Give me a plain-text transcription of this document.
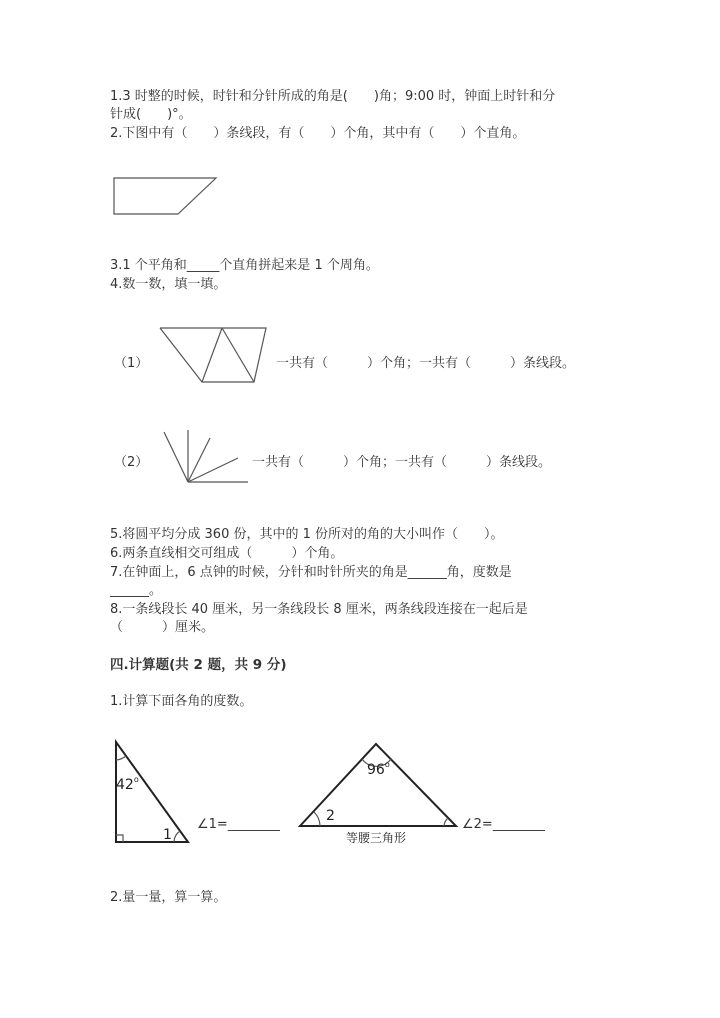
1.3 时整的时候，时针和分针所成的角是(　　)角；9:00 时，钟面上时针和分
针成(　　)°。
2.下图中有（　　）条线段，有（　　）个角，其中有（　　）个直角。
3.1 个平角和_____个直角拼起来是 1 个周角。
4.数一数，填一填。
（1）	一共有（　　　）个角；一共有（　　　）条线段。
（2）	一共有（　　　）个角；一共有（　　　）条线段。
5.将圆平均分成 360 份，其中的 1 份所对的角的大小叫作（　　）。
6.两条直线相交可组成（　　　）个角。
7.在钟面上，6 点钟的时候，分针和时针所夹的角是______角，度数是
______。
8.一条线段长 40 厘米，另一条线段长 8 厘米，两条线段连接在一起后是
（　　　）厘米。
四.计算题(共 2 题，共 9 分)
1.计算下面各角的度数。
42$^o$
1
∠1=________
96$^o$
2
等腰三角形
∠2=________
2.量一量，算一算。
